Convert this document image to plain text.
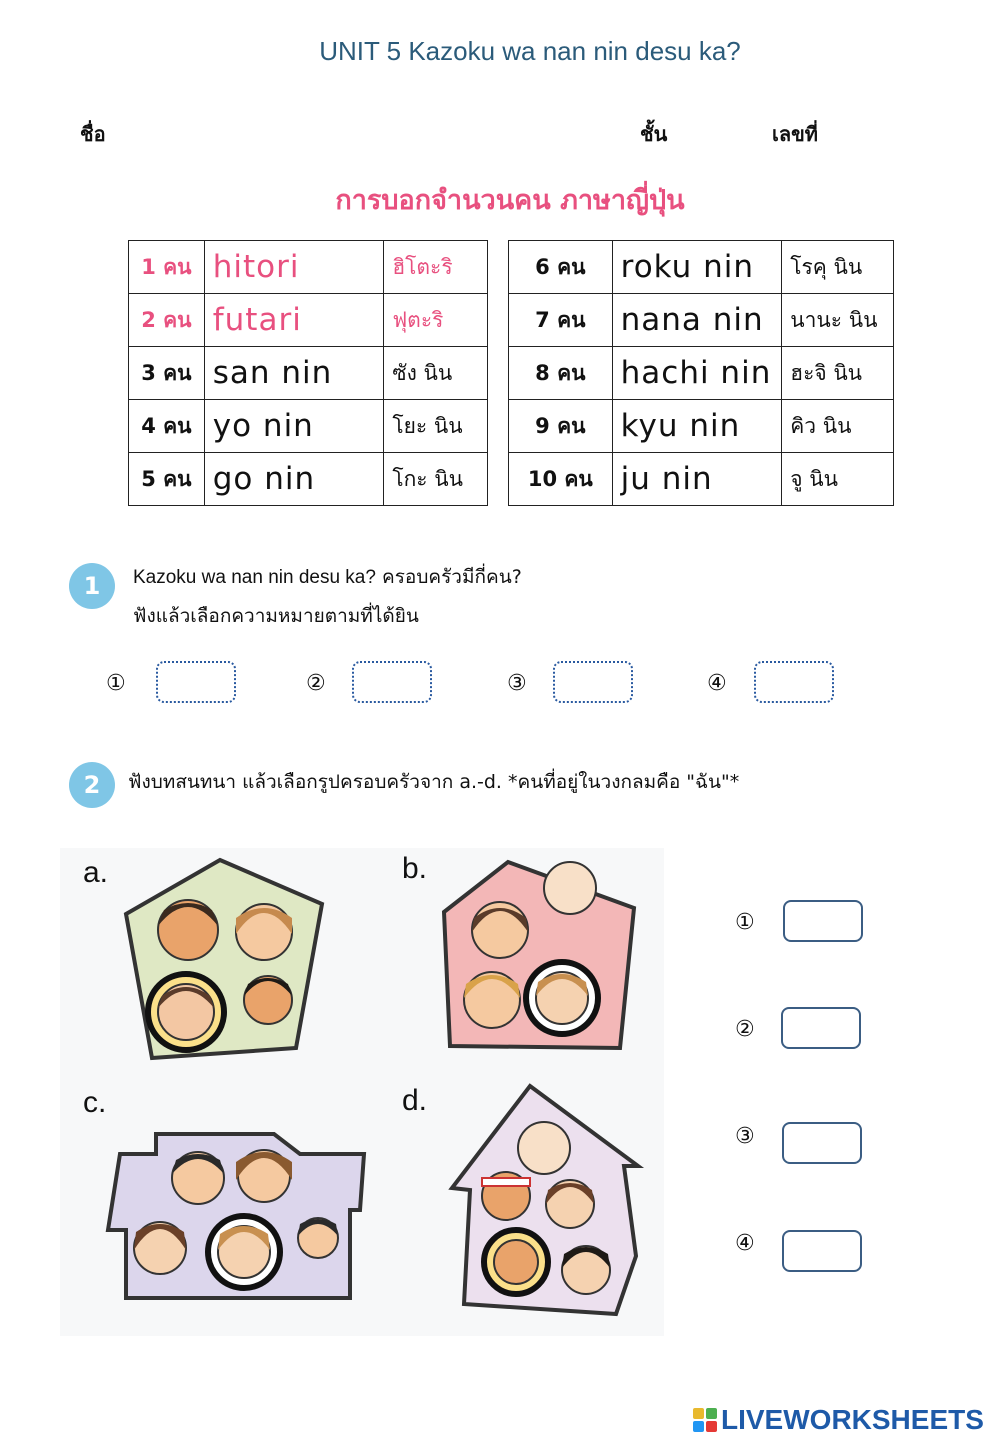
UNIT 5 Kazoku wa nan nin desu ka?
ชื่อ	ชั้น	เลขที่
การบอกจำนวนคน ภาษาญี่ปุ่น
1 คน	hitori	ฮิโตะริ
2 คน	futari	ฟุตะริ
3 คน	san nin	ซัง นิน
4 คน	yo nin	โยะ นิน
5 คน	go nin	โกะ นิน
6 คน	roku nin	โรคุ นิน
7 คน	nana nin	นานะ นิน
8 คน	hachi nin	ฮะจิ นิน
9 คน	kyu nin	คิว นิน
10 คน	ju nin	จู นิน
1	Kazoku wa nan nin desu ka? ครอบครัวมีกี่คน?
ฟังแล้วเลือกความหมายตามที่ได้ยิน
①	②	③	④
2	ฟังบทสนทนา แล้วเลือกรูปครอบครัวจาก a.-d. *คนที่อยู่ในวงกลมคือ "ฉัน"*
a.	b.
c.	d.
①
②
③
④
LIVEWORKSHEETS
